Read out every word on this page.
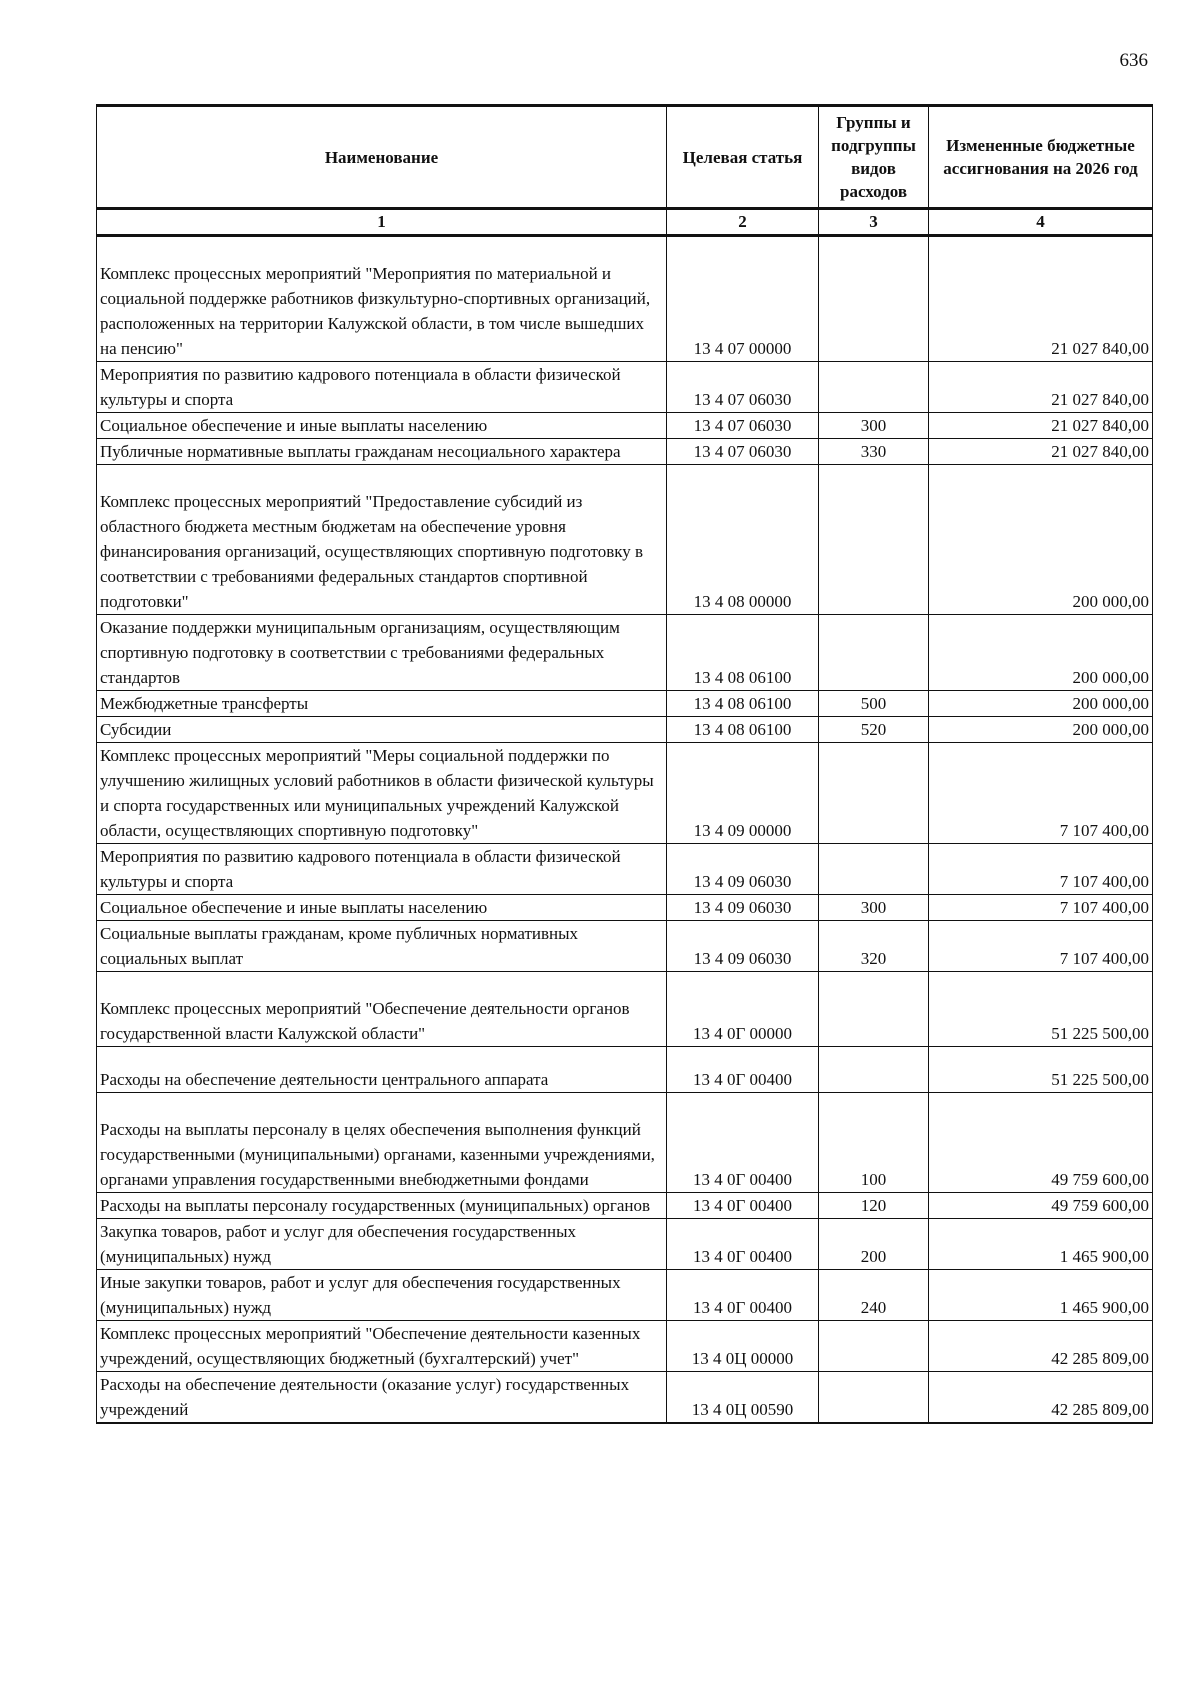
636
Наименование	Целевая статья	Группы и подгруппы видов расходов	Измененные бюджетные ассигнования на 2026 год
1	2	3	4
Комплекс процессных мероприятий "Мероприятия по материальной и социальной поддержке работников физкультурно-спортивных организаций, расположенных на территории Калужской области, в том числе вышедших на пенсию"	13 4 07 00000		21 027 840,00
Мероприятия по развитию кадрового потенциала в области физической культуры и спорта	13 4 07 06030		21 027 840,00
Социальное обеспечение и иные выплаты населению	13 4 07 06030	300	21 027 840,00
Публичные нормативные выплаты гражданам несоциального характера	13 4 07 06030	330	21 027 840,00
Комплекс процессных мероприятий "Предоставление субсидий из областного бюджета местным бюджетам на обеспечение уровня финансирования организаций, осуществляющих спортивную подготовку в соответствии с требованиями федеральных стандартов спортивной подготовки"	13 4 08 00000		200 000,00
Оказание поддержки муниципальным организациям, осуществляющим спортивную подготовку в соответствии с требованиями федеральных стандартов	13 4 08 06100		200 000,00
Межбюджетные трансферты	13 4 08 06100	500	200 000,00
Субсидии	13 4 08 06100	520	200 000,00
Комплекс процессных мероприятий "Меры социальной поддержки по улучшению жилищных условий работников в области физической культуры и спорта государственных или муниципальных учреждений Калужской области, осуществляющих спортивную подготовку"	13 4 09 00000		7 107 400,00
Мероприятия по развитию кадрового потенциала в области физической культуры и спорта	13 4 09 06030		7 107 400,00
Социальное обеспечение и иные выплаты населению	13 4 09 06030	300	7 107 400,00
Социальные выплаты гражданам, кроме публичных нормативных социальных выплат	13 4 09 06030	320	7 107 400,00
Комплекс процессных мероприятий "Обеспечение деятельности органов государственной власти Калужской области"	13 4 0Г 00000		51 225 500,00
Расходы на обеспечение деятельности центрального аппарата	13 4 0Г 00400		51 225 500,00
Расходы на выплаты персоналу в целях обеспечения выполнения функций государственными (муниципальными) органами, казенными учреждениями, органами управления государственными внебюджетными фондами	13 4 0Г 00400	100	49 759 600,00
Расходы на выплаты персоналу государственных (муниципальных) органов	13 4 0Г 00400	120	49 759 600,00
Закупка товаров, работ и услуг для обеспечения государственных (муниципальных) нужд	13 4 0Г 00400	200	1 465 900,00
Иные закупки товаров, работ и услуг для обеспечения государственных (муниципальных) нужд	13 4 0Г 00400	240	1 465 900,00
Комплекс процессных мероприятий "Обеспечение деятельности казенных учреждений, осуществляющих бюджетный (бухгалтерский) учет"	13 4 0Ц 00000		42 285 809,00
Расходы на обеспечение деятельности (оказание услуг) государственных учреждений	13 4 0Ц 00590		42 285 809,00
